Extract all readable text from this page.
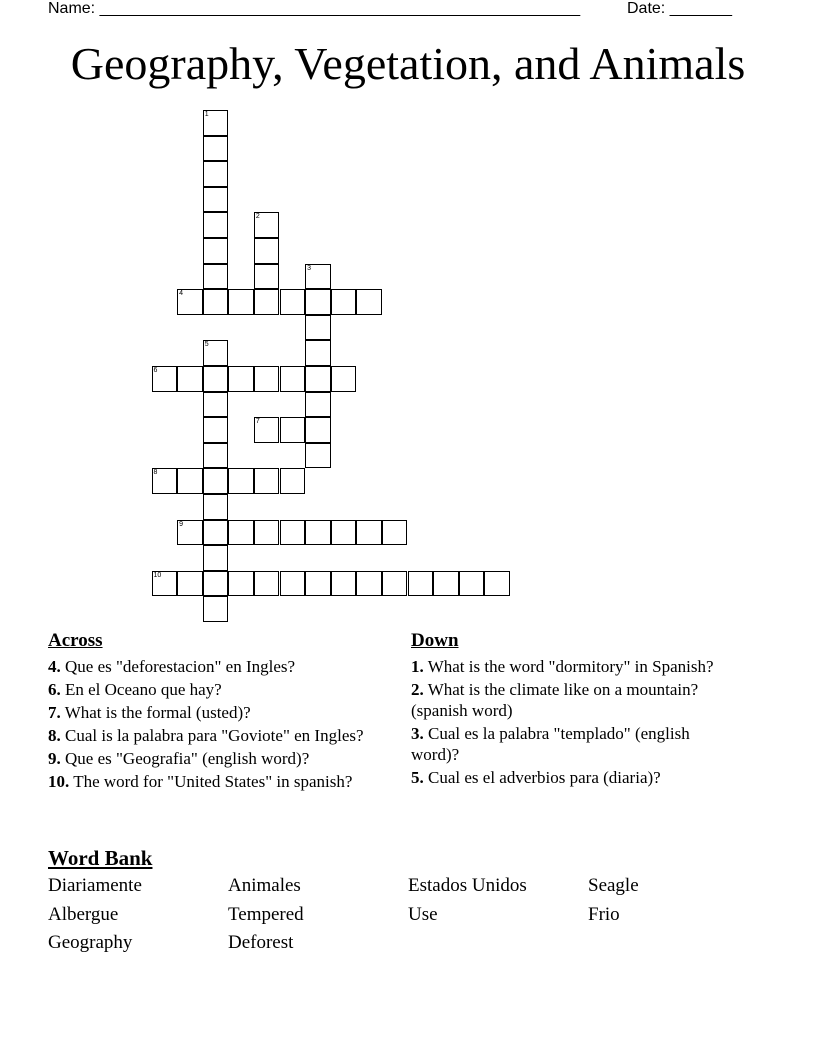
Name: ______________________________________________________	Date: _______
Geography, Vegetation, and Animals
1
2
3
4
5
6
7
8
9
10
Across
4. Que es "deforestacion" en Ingles?
6. En el Oceano que hay?
7. What is the formal (usted)?
8. Cual is la palabra para "Goviote" en Ingles?
9. Que es "Geografia" (english word)?
10. The word for "United States" in spanish?
Down
1. What is the word "dormitory" in Spanish?
2. What is the climate like on a mountain? (spanish word)
3. Cual es la palabra "templado" (english word)?
5. Cual es el adverbios para (diaria)?
Word Bank
Diariamente	Animales	Estados Unidos	Seagle
Albergue	Tempered	Use	Frio
Geography	Deforest
